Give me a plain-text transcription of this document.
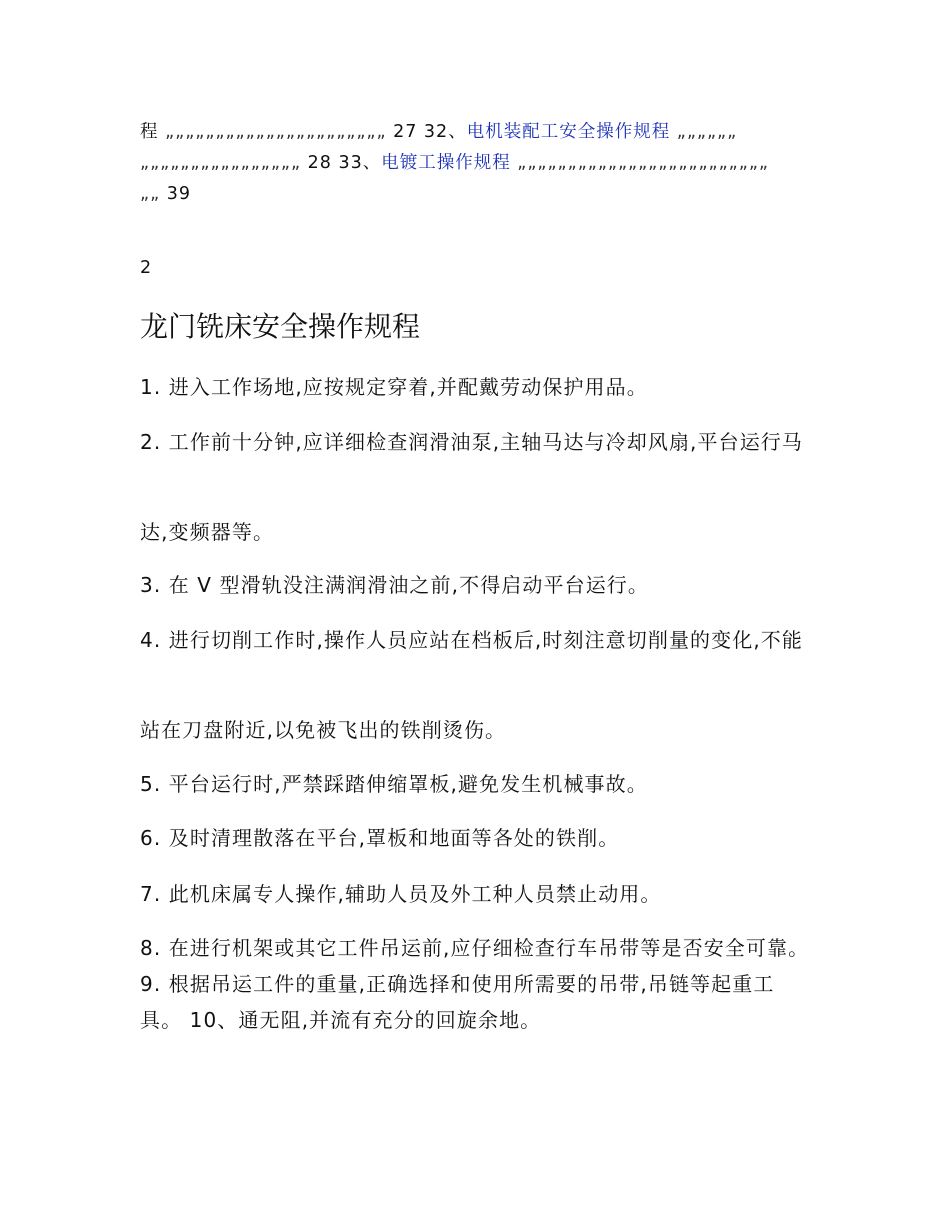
程 „„„„„„„„„„„„„„„„„„„„„„ 27 32、电机装配工安全操作规程 „„„„„„
„„„„„„„„„„„„„„„„ 28 33、电镀工操作规程 „„„„„„„„„„„„„„„„„„„„„„„„„
„„ 39
2
龙门铣床安全操作规程

1. 进入工作场地,应按规定穿着,并配戴劳动保护用品。

2. 工作前十分钟,应详细检查润滑油泵,主轴马达与冷却风扇,平台运行马

达,变频器等。

3. 在 V 型滑轨没注满润滑油之前,不得启动平台运行。

4. 进行切削工作时,操作人员应站在档板后,时刻注意切削量的变化,不能

站在刀盘附近,以免被飞出的铁削烫伤。

5. 平台运行时,严禁踩踏伸缩罩板,避免发生机械事故。

6. 及时清理散落在平台,罩板和地面等各处的铁削。

7. 此机床属专人操作,辅助人员及外工种人员禁止动用。

8. 在进行机架或其它工件吊运前,应仔细检查行车吊带等是否安全可靠。 9. 根据吊运工件的重量,正确选择和使用所需要的吊带,吊链等起重工具。 10、通无阻,并流有充分的回旋余地。
